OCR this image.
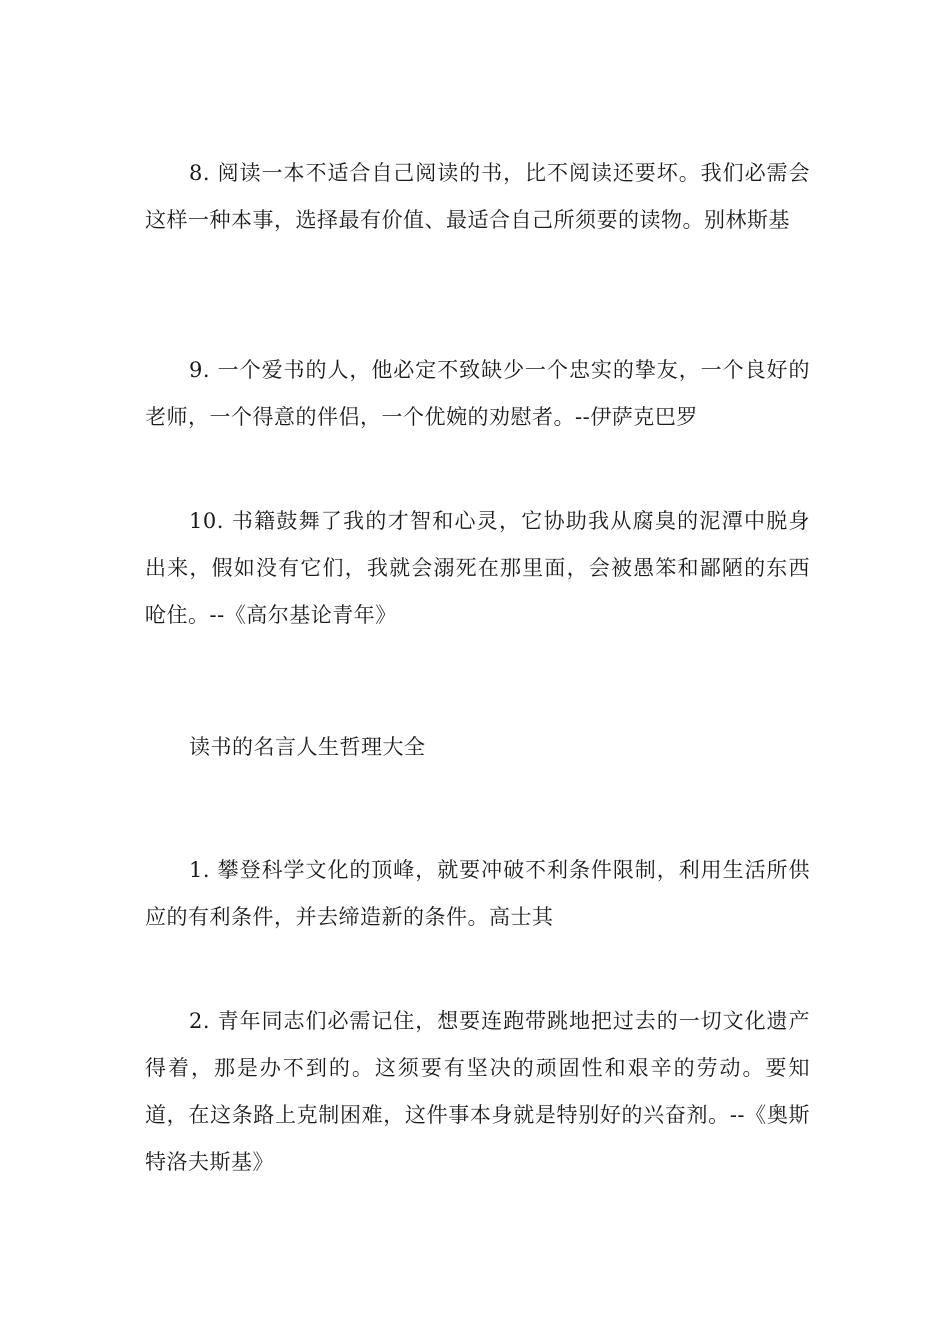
8. 阅读一本不适合自己阅读的书，比不阅读还要坏。我们必需会这样一种本事，选择最有价值、最适合自己所须要的读物。别林斯基

9. 一个爱书的人，他必定不致缺少一个忠实的挚友，一个良好的老师，一个得意的伴侣，一个优婉的劝慰者。--伊萨克巴罗

10. 书籍鼓舞了我的才智和心灵，它协助我从腐臭的泥潭中脱身出来，假如没有它们，我就会溺死在那里面，会被愚笨和鄙陋的东西呛住。--《高尔基论青年》

读书的名言人生哲理大全

1. 攀登科学文化的顶峰，就要冲破不利条件限制，利用生活所供应的有利条件，并去缔造新的条件。高士其

2. 青年同志们必需记住，想要连跑带跳地把过去的一切文化遗产得着，那是办不到的。这须要有坚决的顽固性和艰辛的劳动。要知道，在这条路上克制困难，这件事本身就是特别好的兴奋剂。--《奥斯特洛夫斯基》
